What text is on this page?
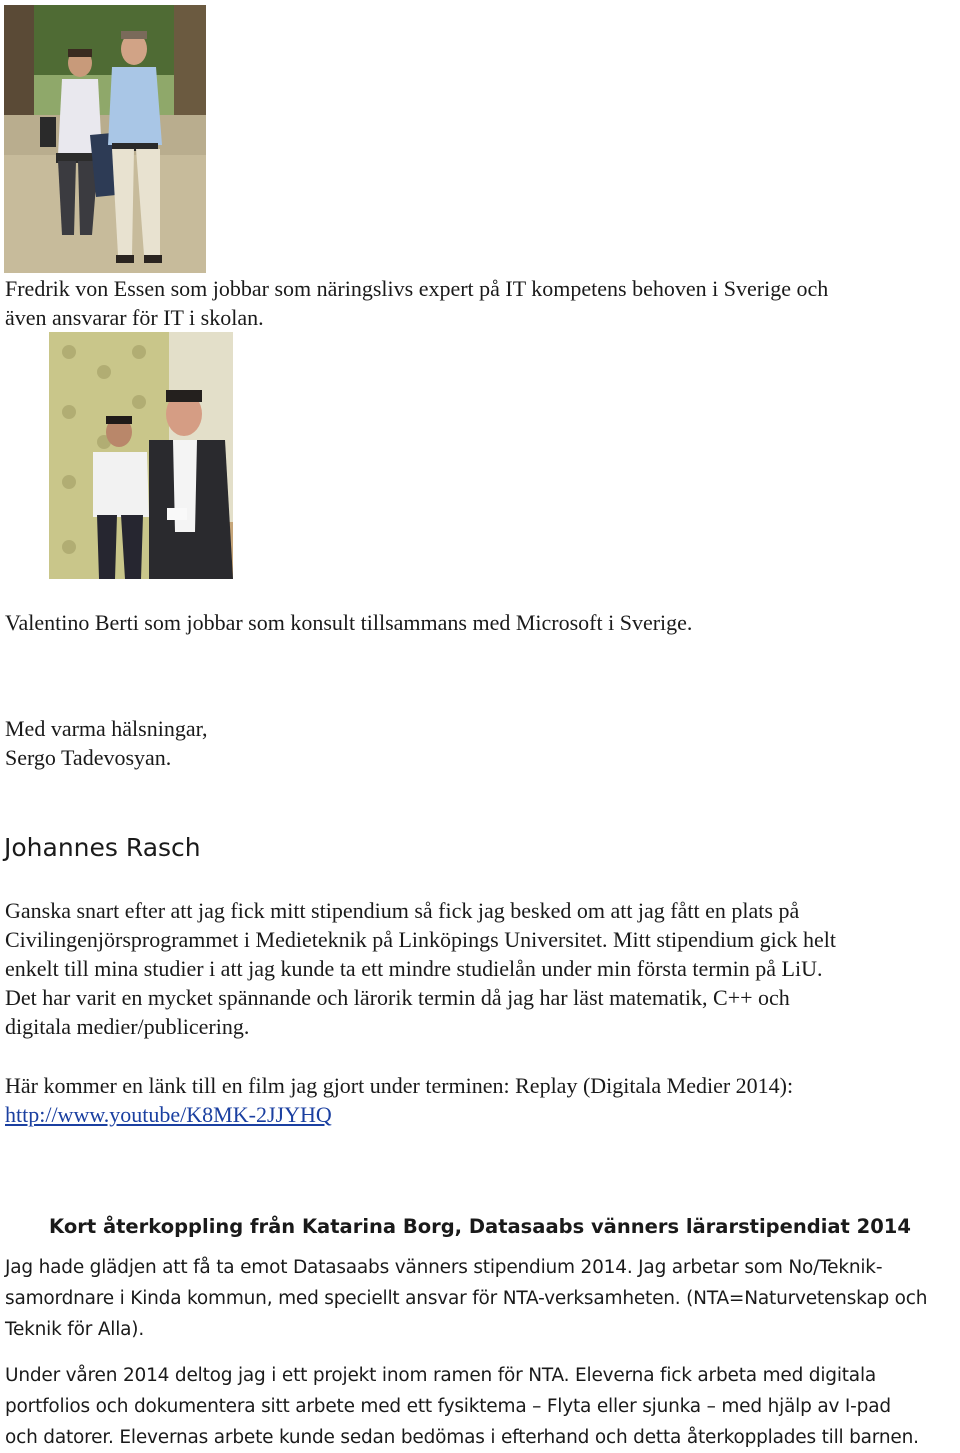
Fredrik von Essen som jobbar som näringslivs expert på IT kompetens behoven i Sverige och
även ansvarar för IT i skolan.
Valentino Berti som jobbar som konsult tillsammans med Microsoft i Sverige.
Med varma hälsningar,
Sergo Tadevosyan.
Johannes Rasch
Ganska snart efter att jag fick mitt stipendium så fick jag besked om att jag fått en plats på
Civilingenjörsprogrammet i Medieteknik på Linköpings Universitet. Mitt stipendium gick helt
enkelt till mina studier i att jag kunde ta ett mindre studielån under min första termin på LiU.
Det har varit en mycket spännande och lärorik termin då jag har läst matematik, C++ och
digitala medier/publicering.
Här kommer en länk till en film jag gjort under terminen: Replay (Digitala Medier 2014):
http://www.youtube/K8MK-2JJYHQ
Kort återkoppling från Katarina Borg, Datasaabs vänners lärarstipendiat 2014
Jag hade glädjen att få ta emot Datasaabs vänners stipendium 2014. Jag arbetar som No/Teknik-
samordnare i Kinda kommun, med speciellt ansvar för NTA-verksamheten. (NTA=Naturvetenskap och
Teknik för Alla).
Under våren 2014 deltog jag i ett projekt inom ramen för NTA. Eleverna fick arbeta med digitala
portfolios och dokumentera sitt arbete med ett fysiktema – Flyta eller sjunka – med hjälp av I-pad
och datorer. Elevernas arbete kunde sedan bedömas i efterhand och detta återkopplades till barnen.
